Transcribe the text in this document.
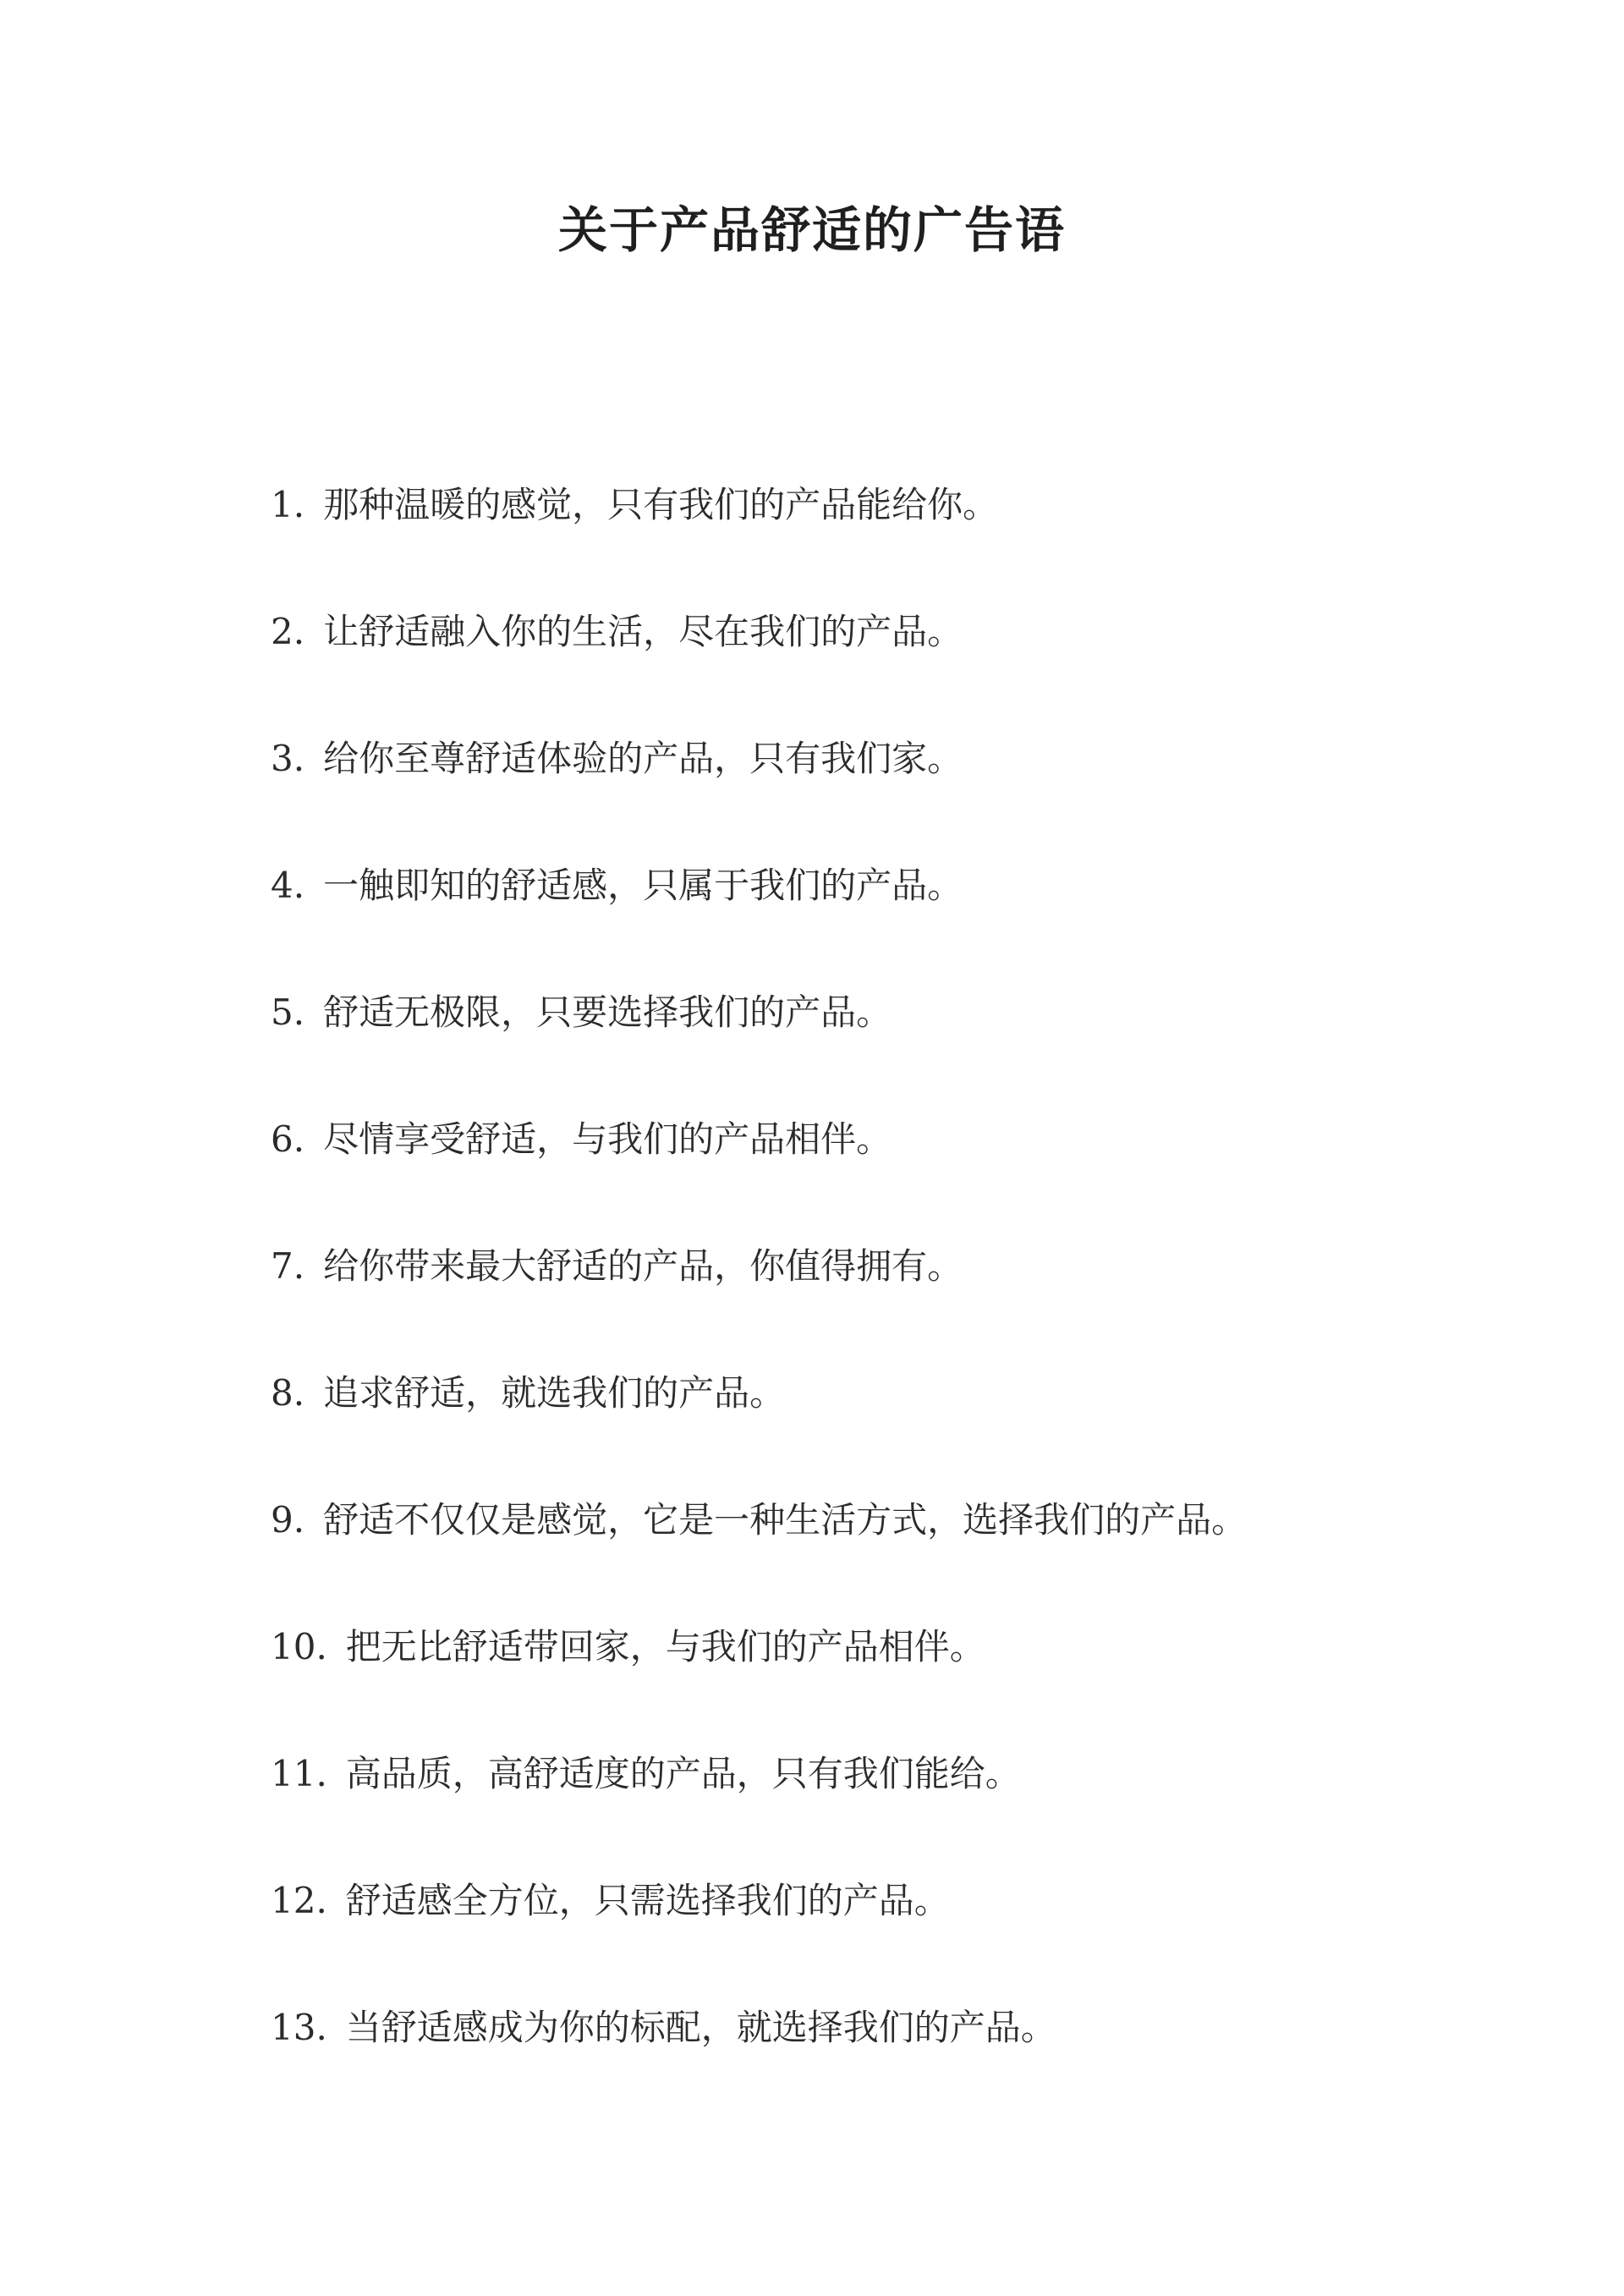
关于产品舒适的广告语
1. 那种温暖的感觉，只有我们的产品能给你。
2. 让舒适融入你的生活，尽在我们的产品。
3. 给你至尊舒适体验的产品，只有我们家。
4. 一触即知的舒适感，只属于我们的产品。
5. 舒适无极限，只要选择我们的产品。
6. 尽情享受舒适，与我们的产品相伴。
7. 给你带来最大舒适的产品，你值得拥有。
8. 追求舒适，就选我们的产品。
9. 舒适不仅仅是感觉，它是一种生活方式，选择我们的产品。
10. 把无比舒适带回家，与我们的产品相伴。
11. 高品质，高舒适度的产品，只有我们能给。
12. 舒适感全方位，只需选择我们的产品。
13. 当舒适感成为你的标配，就选择我们的产品。
